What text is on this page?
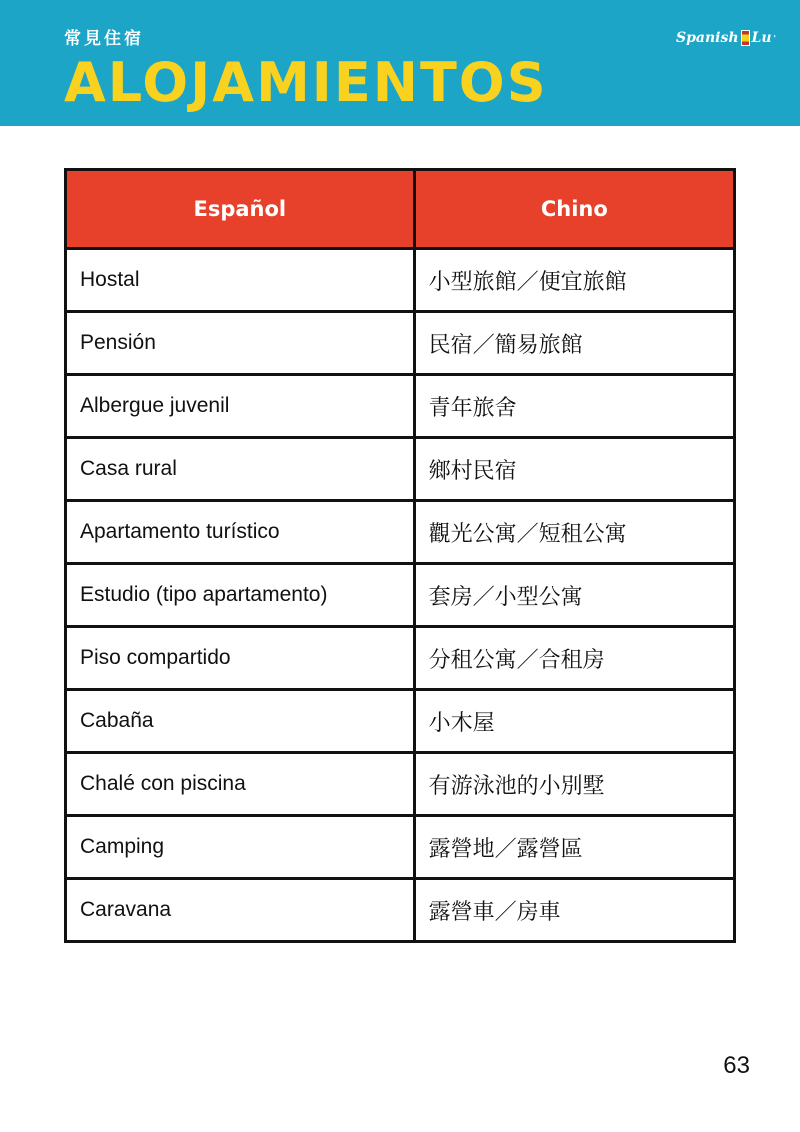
常見住宿
ALOJAMIENTOS
Spanish Lu '
Español	Chino
Hostal	小型旅館／便宜旅館
Pensión	民宿／簡易旅館
Albergue juvenil	青年旅舍
Casa rural	鄉村民宿
Apartamento turístico	觀光公寓／短租公寓
Estudio (tipo apartamento)	套房／小型公寓
Piso compartido	分租公寓／合租房
Cabaña	小木屋
Chalé con piscina	有游泳池的小別墅
Camping	露營地／露營區
Caravana	露營車／房車
63
